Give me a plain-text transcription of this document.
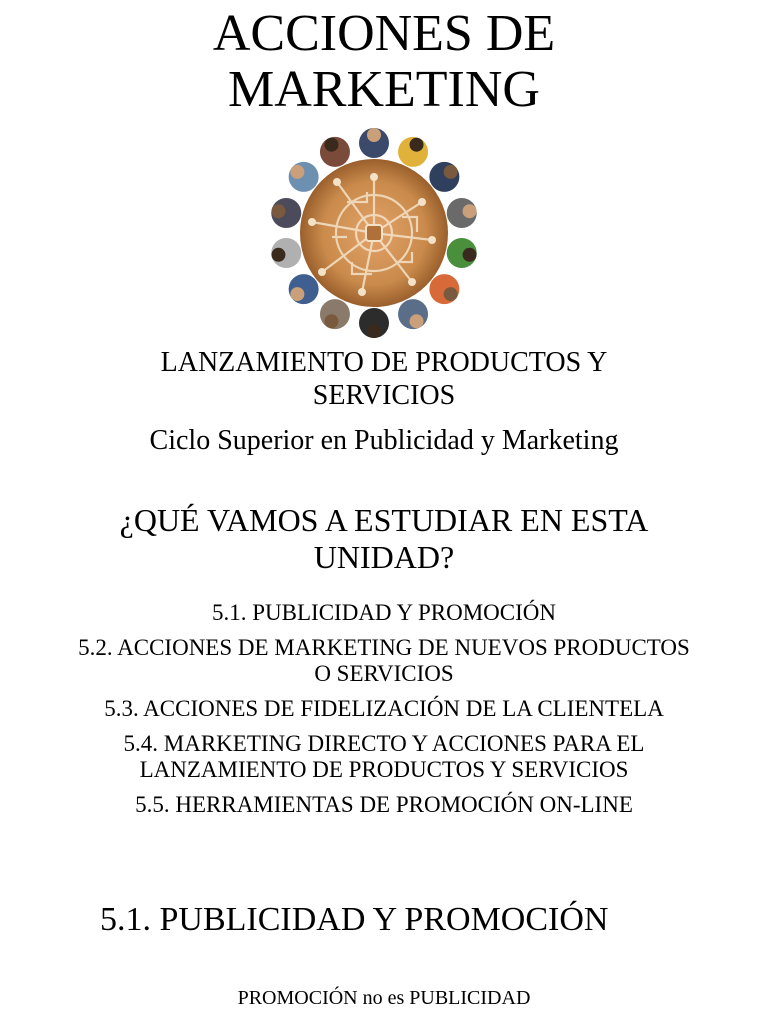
ACCIONES DE
MARKETING
LANZAMIENTO DE PRODUCTOS Y
SERVICIOS
Ciclo Superior en Publicidad y Marketing
¿QUÉ VAMOS A ESTUDIAR EN ESTA
UNIDAD?
5.1. PUBLICIDAD Y PROMOCIÓN
5.2. ACCIONES DE MARKETING DE NUEVOS PRODUCTOS
O SERVICIOS
5.3. ACCIONES DE FIDELIZACIÓN DE LA CLIENTELA
5.4. MARKETING DIRECTO Y ACCIONES PARA EL
LANZAMIENTO DE PRODUCTOS Y SERVICIOS
5.5. HERRAMIENTAS DE PROMOCIÓN ON-LINE
5.1. PUBLICIDAD Y PROMOCIÓN
PROMOCIÓN no es PUBLICIDAD
